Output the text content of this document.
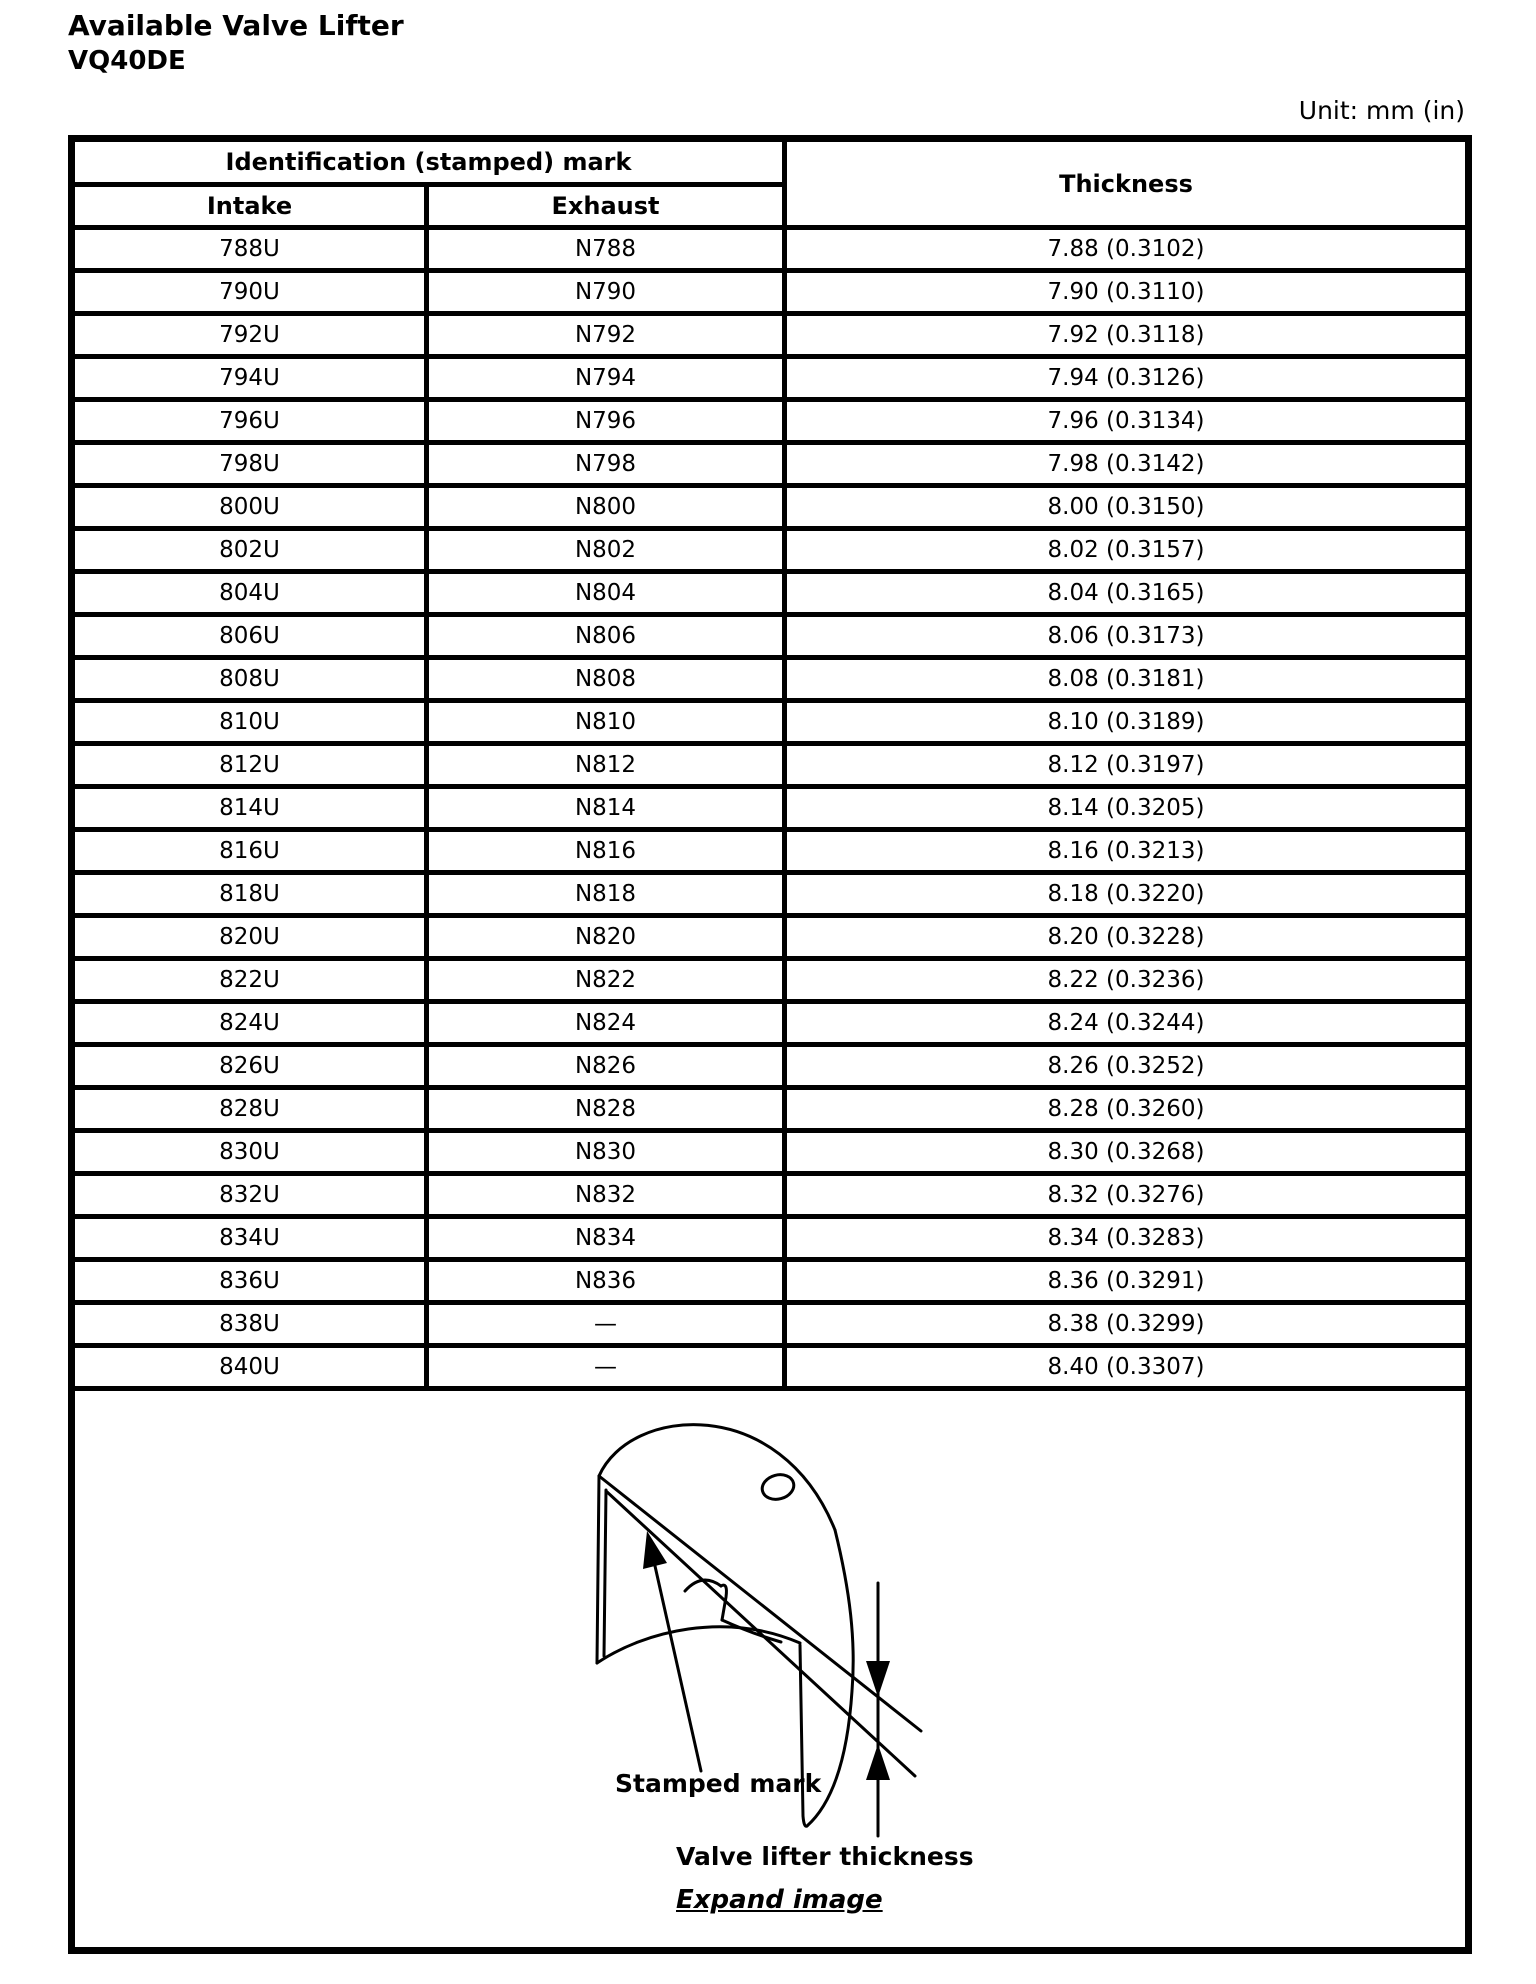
Available Valve Lifter
VQ40DE
Unit: mm (in)
Identification (stamped) mark		Thickness
Intake	Exhaust	
788U	N788	7.88 (0.3102)
790U	N790	7.90 (0.3110)
792U	N792	7.92 (0.3118)
794U	N794	7.94 (0.3126)
796U	N796	7.96 (0.3134)
798U	N798	7.98 (0.3142)
800U	N800	8.00 (0.3150)
802U	N802	8.02 (0.3157)
804U	N804	8.04 (0.3165)
806U	N806	8.06 (0.3173)
808U	N808	8.08 (0.3181)
810U	N810	8.10 (0.3189)
812U	N812	8.12 (0.3197)
814U	N814	8.14 (0.3205)
816U	N816	8.16 (0.3213)
818U	N818	8.18 (0.3220)
820U	N820	8.20 (0.3228)
822U	N822	8.22 (0.3236)
824U	N824	8.24 (0.3244)
826U	N826	8.26 (0.3252)
828U	N828	8.28 (0.3260)
830U	N830	8.30 (0.3268)
832U	N832	8.32 (0.3276)
834U	N834	8.34 (0.3283)
836U	N836	8.36 (0.3291)
838U	—	8.38 (0.3299)
840U	—	8.40 (0.3307)

Stamped mark
Valve lifter thickness
Expand image		
